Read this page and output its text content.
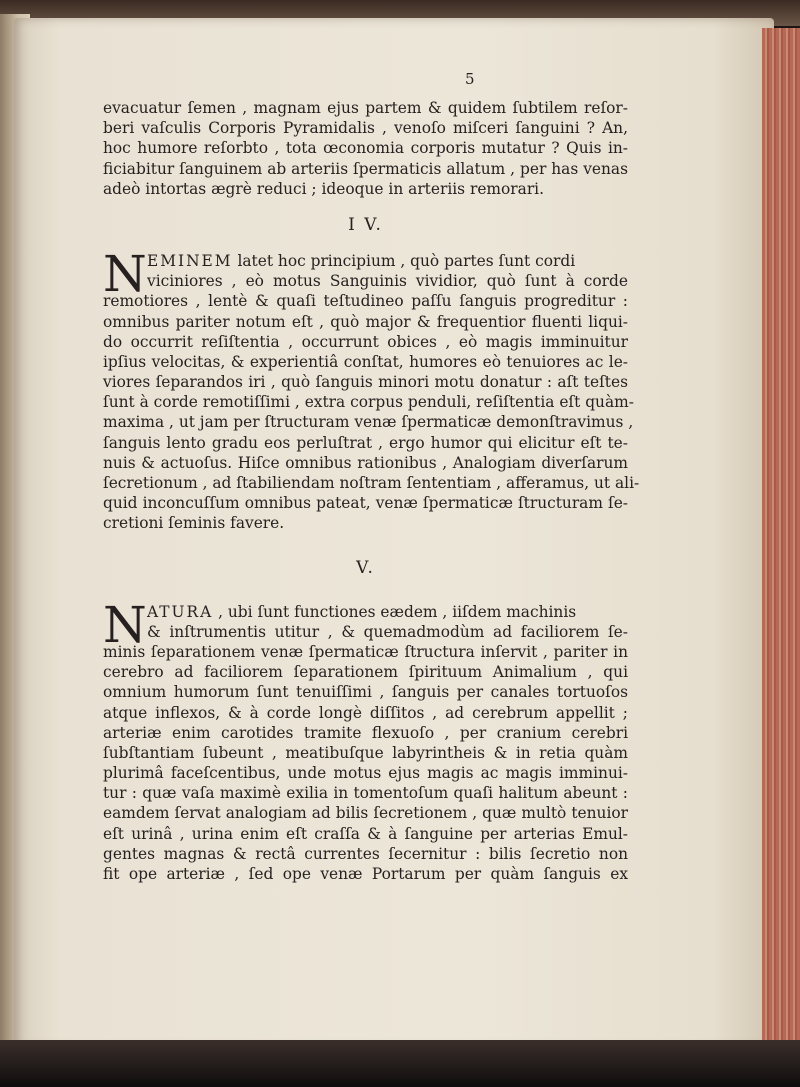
5
evacuatur ſemen , magnam ejus partem & quidem ſubtilem reſor-
beri vaſculis Corporis Pyramidalis , venoſo miſceri ſanguini ? An,
hoc humore reſorbto , tota œconomia corporis mutatur ? Quis in-
ficiabitur ſanguinem ab arteriis ſpermaticis allatum , per has venas
adeò intortas ægrè reduci ; ideoque in arteriis remorari.
I V.
N EMINEM latet hoc principium , quò partes ſunt cordi
viciniores , eò motus Sanguinis vividior, quò ſunt à corde
remotiores , lentè & quaſi teſtudineo paſſu ſanguis progreditur :
omnibus pariter notum eſt , quò major & frequentior fluenti liqui-
do occurrit reſiſtentia , occurrunt obices , eò magis imminuitur
ipſius velocitas, & experientiâ conſtat, humores eò tenuiores ac le-
viores ſeparandos iri , quò ſanguis minori motu donatur : aſt teſtes
ſunt à corde remotiſſimi , extra corpus penduli, reſiſtentia eſt quàm-
maxima , ut jam per ſtructuram venæ ſpermaticæ demonſtravimus ,
ſanguis lento gradu eos perluſtrat , ergo humor qui elicitur eſt te-
nuis & actuoſus. Hiſce omnibus rationibus , Analogiam diverſarum
ſecretionum , ad ſtabiliendam noſtram ſententiam , afferamus, ut ali-
quid inconcuſſum omnibus pateat, venæ ſpermaticæ ſtructuram ſe-
cretioni ſeminis favere.
V.
N ATURA , ubi ſunt functiones eædem , iiſdem machinis
& inſtrumentis utitur , & quemadmodùm ad faciliorem ſe-
minis ſeparationem venæ ſpermaticæ ſtructura inſervit , pariter in
cerebro ad faciliorem ſeparationem ſpirituum Animalium , qui
omnium humorum ſunt tenuiſſimi , ſanguis per canales tortuoſos
atque inflexos, & à corde longè diſſitos , ad cerebrum appellit ;
arteriæ enim carotides tramite flexuoſo , per cranium cerebri
ſubſtantiam ſubeunt , meatibuſque labyrintheis & in retia quàm
plurimâ faceſcentibus, unde motus ejus magis ac magis imminui-
tur : quæ vaſa maximè exilia in tomentoſum quaſi halitum abeunt :
eamdem ſervat analogiam ad bilis ſecretionem , quæ multò tenuior
eſt urinâ , urina enim eſt craſſa & à ſanguine per arterias Emul-
gentes magnas & rectâ currentes ſecernitur : bilis ſecretio non
fit ope arteriæ , ſed ope venæ Portarum per quàm ſanguis ex
